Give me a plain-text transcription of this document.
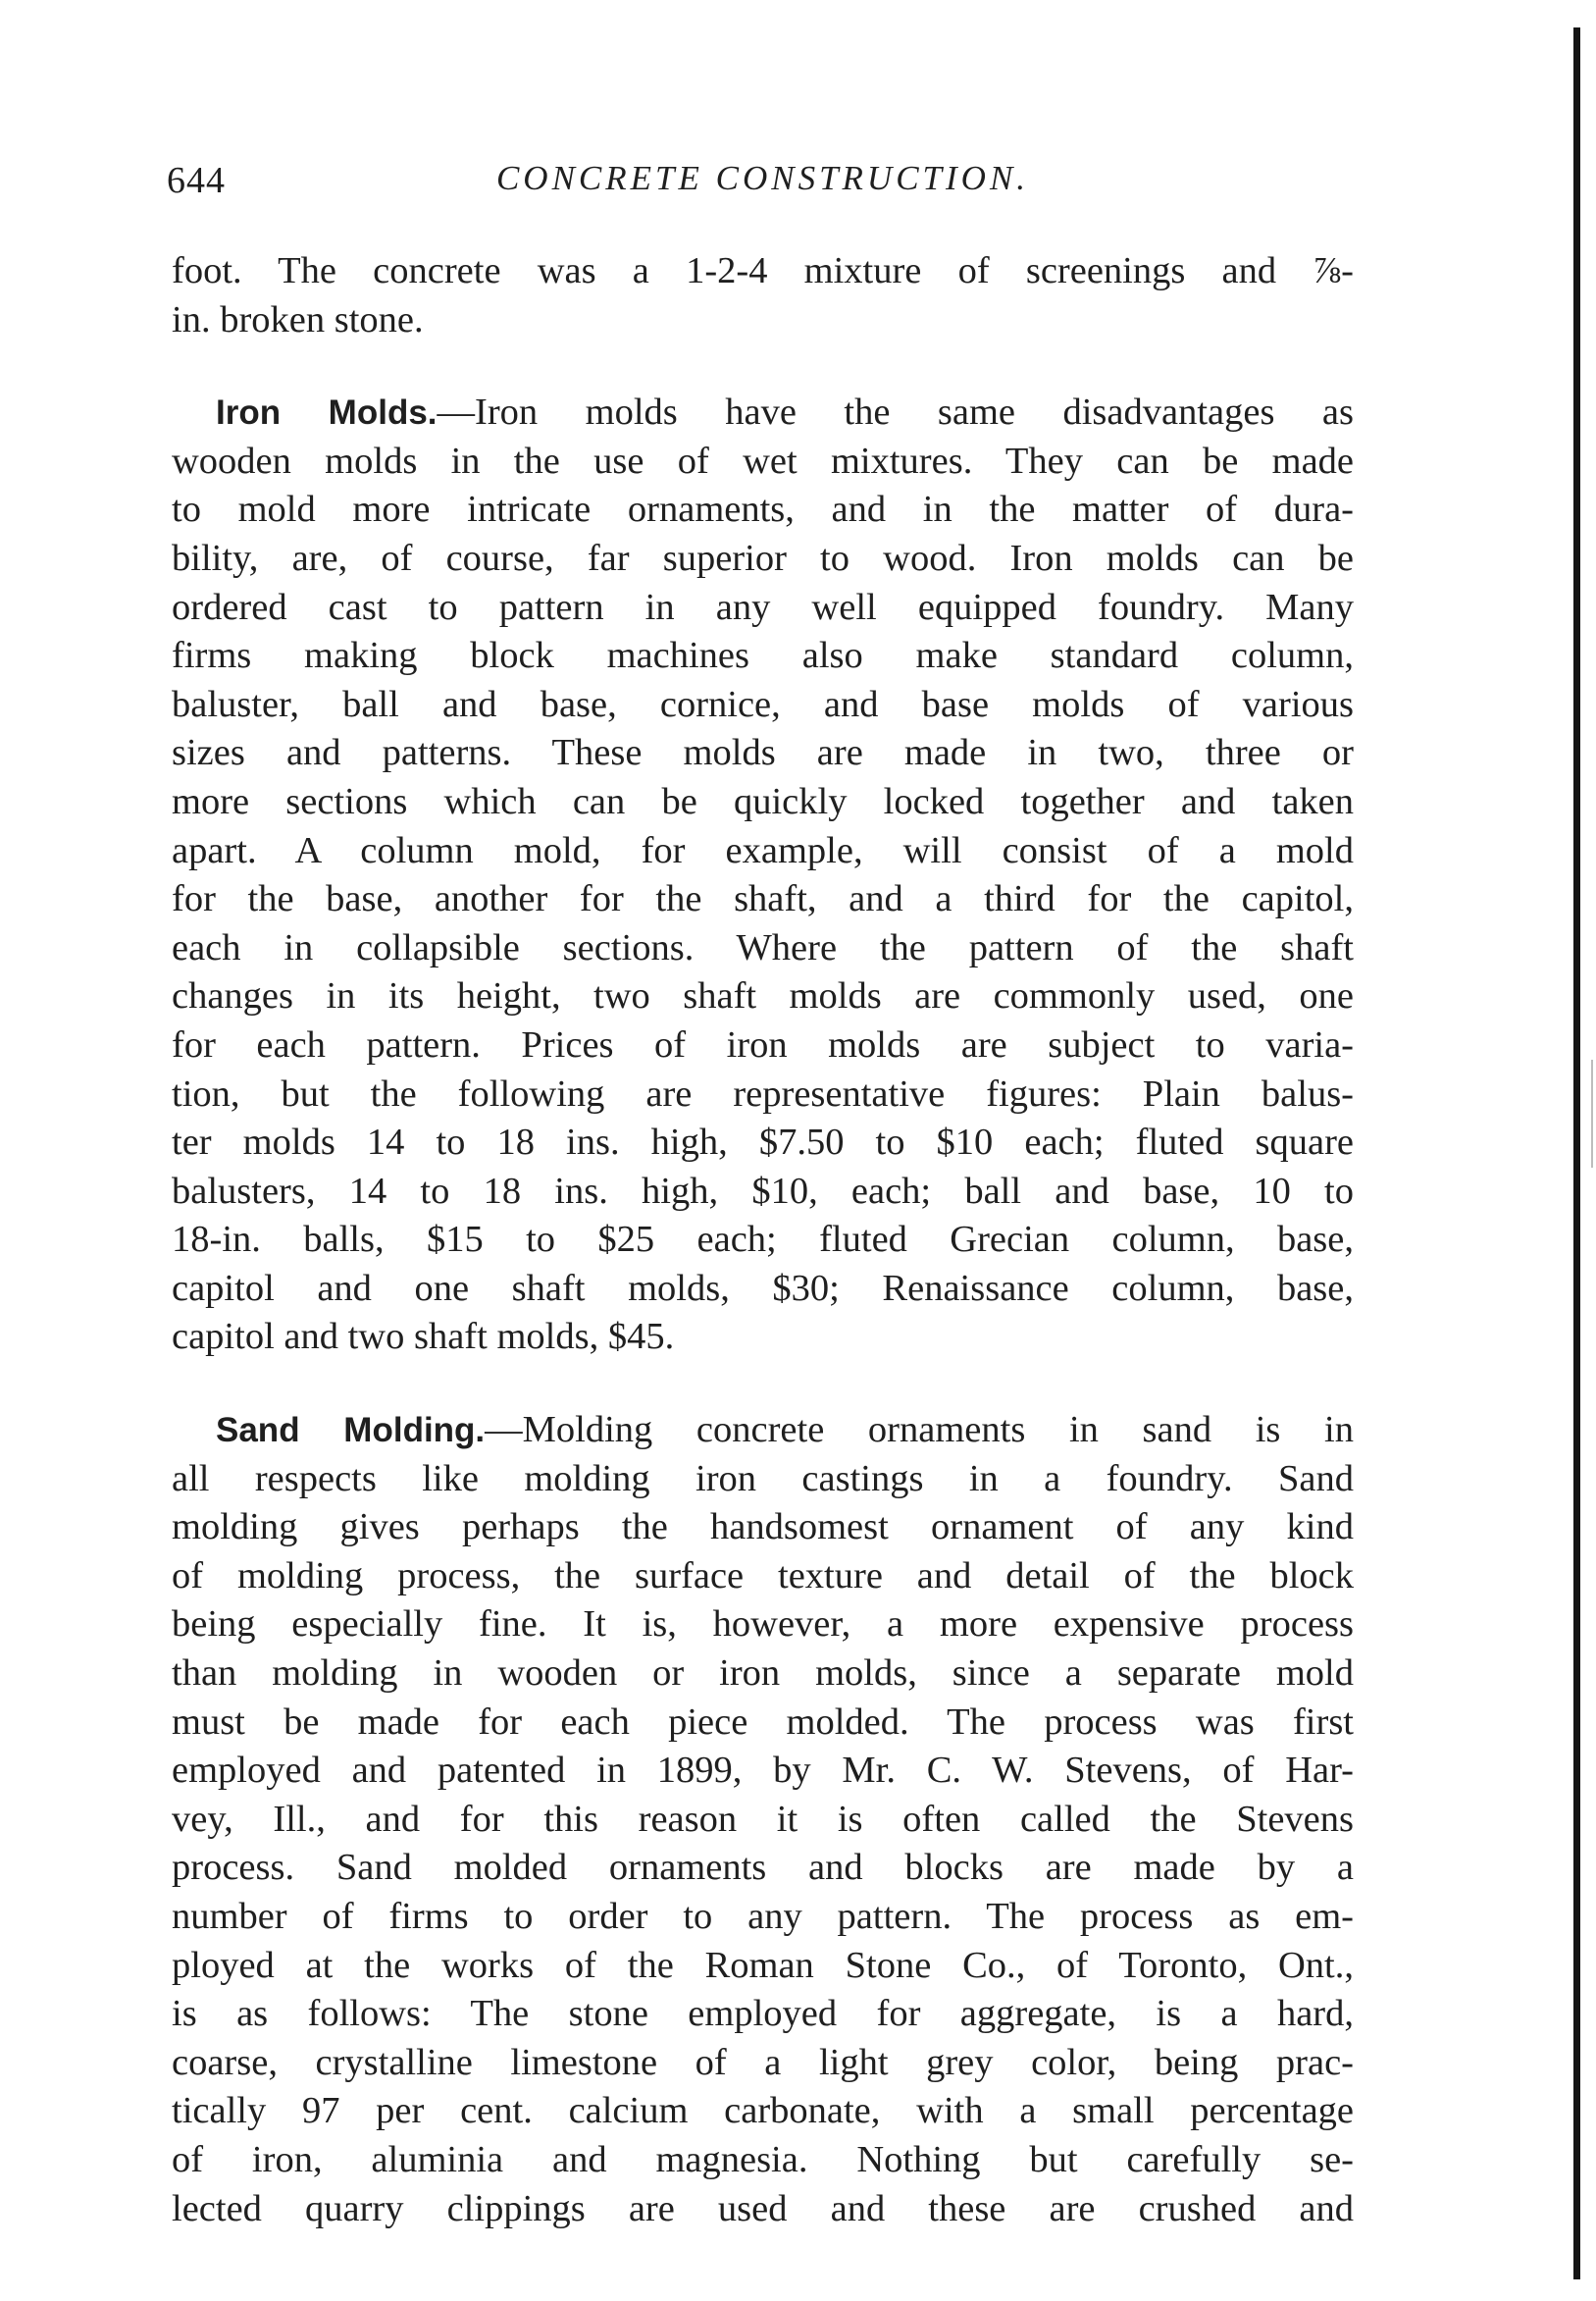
644	CONCRETE CONSTRUCTION.

foot. The concrete was a 1-2-4 mixture of screenings and ⅞-

in. broken stone.

Iron Molds.—Iron molds have the same disadvantages as

wooden molds in the use of wet mixtures. They can be made

to mold more intricate ornaments, and in the matter of dura-

bility, are, of course, far superior to wood. Iron molds can be

ordered cast to pattern in any well equipped foundry. Many

firms making block machines also make standard column,

baluster, ball and base, cornice, and base molds of various

sizes and patterns. These molds are made in two, three or

more sections which can be quickly locked together and taken

apart. A column mold, for example, will consist of a mold

for the base, another for the shaft, and a third for the capitol,

each in collapsible sections. Where the pattern of the shaft

changes in its height, two shaft molds are commonly used, one

for each pattern. Prices of iron molds are subject to varia-

tion, but the following are representative figures: Plain balus-

ter molds 14 to 18 ins. high, $7.50 to $10 each; fluted square

balusters, 14 to 18 ins. high, $10, each; ball and base, 10 to

18-in. balls, $15 to $25 each; fluted Grecian column, base,

capitol and one shaft molds, $30; Renaissance column, base,

capitol and two shaft molds, $45.

Sand Molding.—Molding concrete ornaments in sand is in

all respects like molding iron castings in a foundry. Sand

molding gives perhaps the handsomest ornament of any kind

of molding process, the surface texture and detail of the block

being especially fine. It is, however, a more expensive process

than molding in wooden or iron molds, since a separate mold

must be made for each piece molded. The process was first

employed and patented in 1899, by Mr. C. W. Stevens, of Har-

vey, Ill., and for this reason it is often called the Stevens

process. Sand molded ornaments and blocks are made by a

number of firms to order to any pattern. The process as em-

ployed at the works of the Roman Stone Co., of Toronto, Ont.,

is as follows: The stone employed for aggregate, is a hard,

coarse, crystalline limestone of a light grey color, being prac-

tically 97 per cent. calcium carbonate, with a small percentage

of iron, aluminia and magnesia. Nothing but carefully se-

lected quarry clippings are used and these are crushed and
